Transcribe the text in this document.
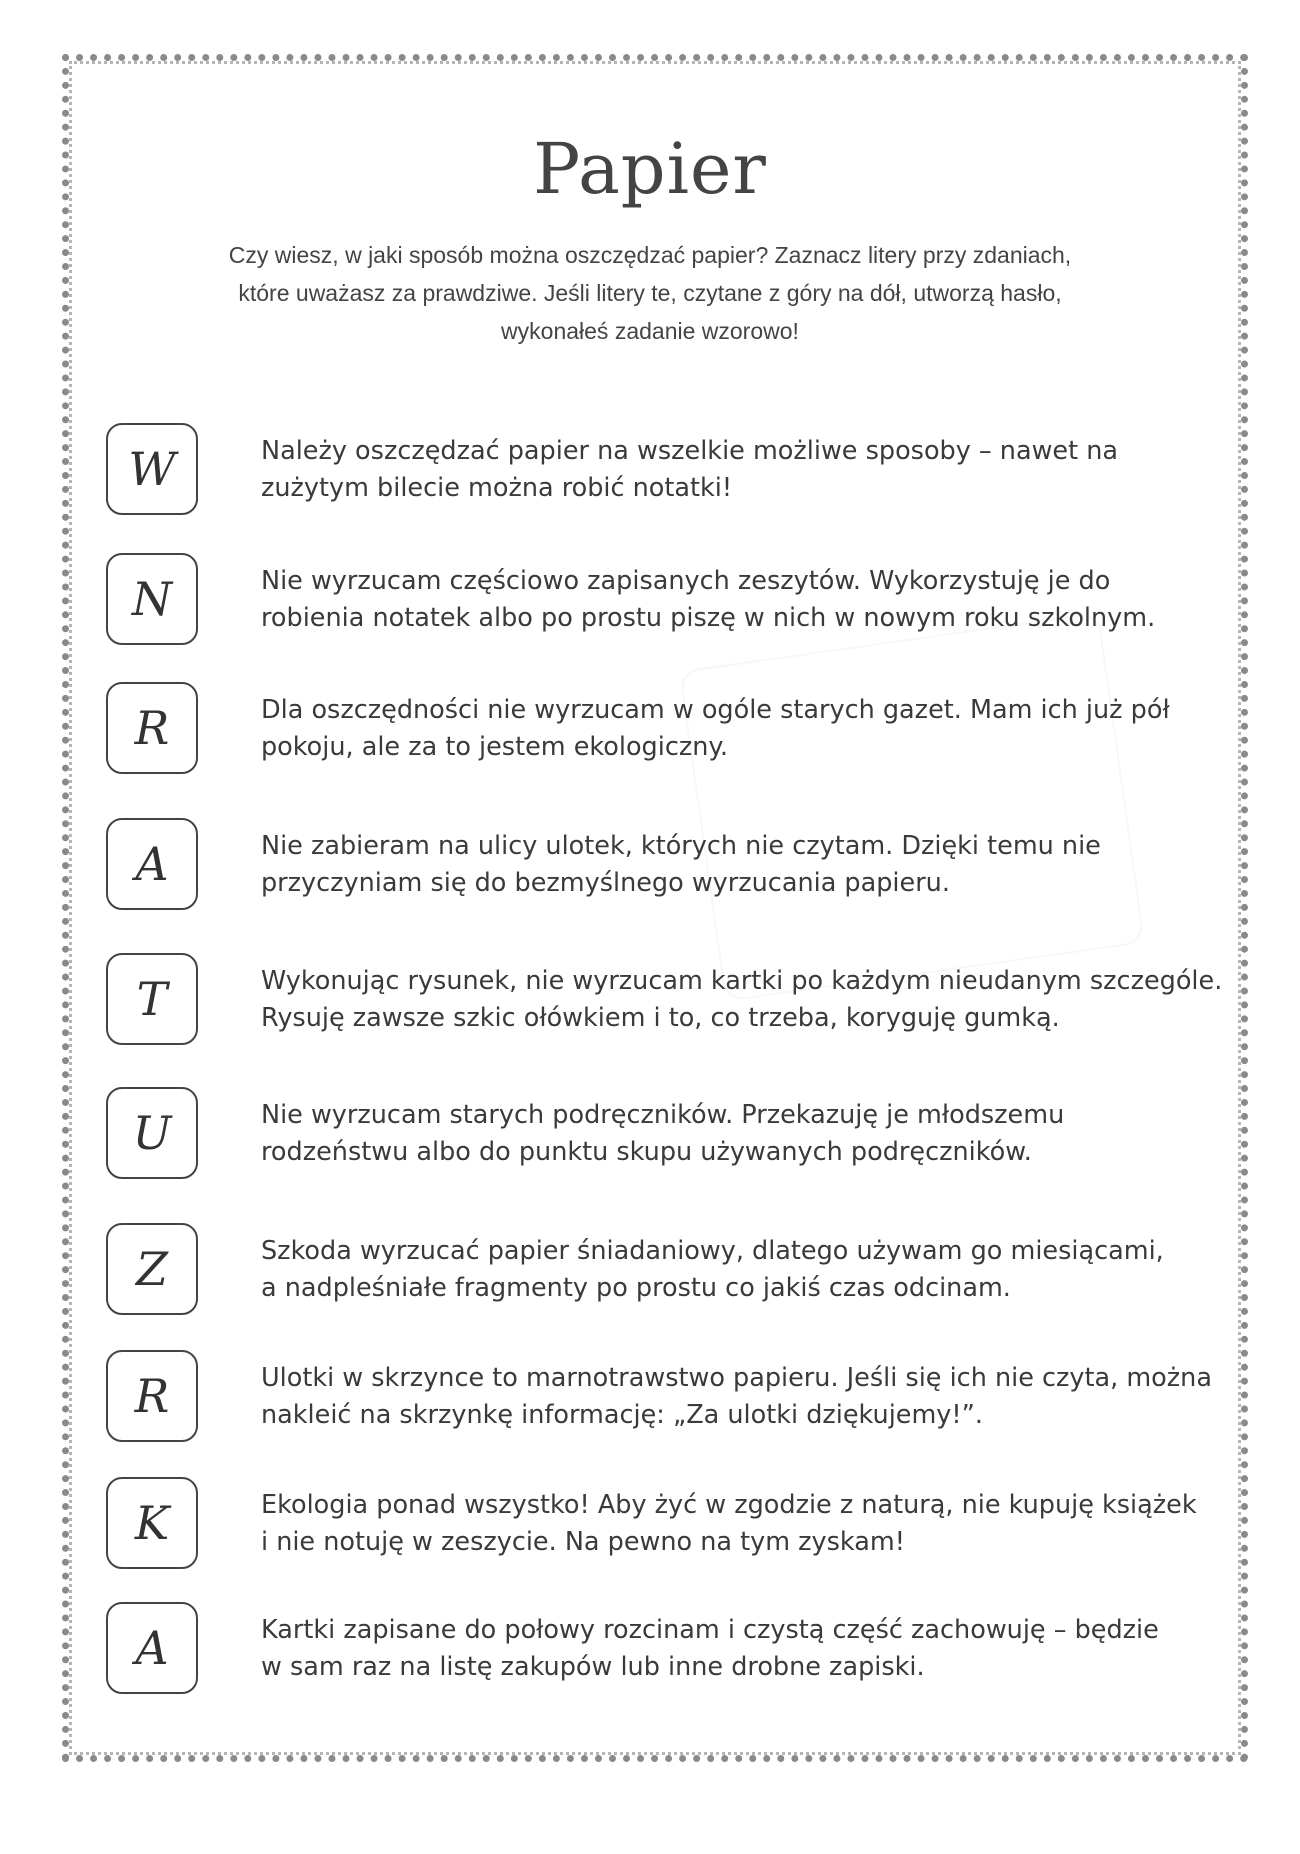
Papier
Czy wiesz, w jaki sposób można oszczędzać papier? Zaznacz litery przy zdaniach,
które uważasz za prawdziwe. Jeśli litery te, czytane z góry na dół, utworzą hasło,
wykonałeś zadanie wzorowo!
W	Należy oszczędzać papier na wszelkie możliwe sposoby – nawet na
zużytym bilecie można robić notatki!
N	Nie wyrzucam częściowo zapisanych zeszytów. Wykorzystuję je do
robienia notatek albo po prostu piszę w nich w nowym roku szkolnym.
R	Dla oszczędności nie wyrzucam w ogóle starych gazet. Mam ich już pół
pokoju, ale za to jestem ekologiczny.
A	Nie zabieram na ulicy ulotek, których nie czytam. Dzięki temu nie
przyczyniam się do bezmyślnego wyrzucania papieru.
T	Wykonując rysunek, nie wyrzucam kartki po każdym nieudanym szczególe.
Rysuję zawsze szkic ołówkiem i to, co trzeba, koryguję gumką.
U	Nie wyrzucam starych podręczników. Przekazuję je młodszemu
rodzeństwu albo do punktu skupu używanych podręczników.
Z	Szkoda wyrzucać papier śniadaniowy, dlatego używam go miesiącami,
a nadpleśniałe fragmenty po prostu co jakiś czas odcinam.
R	Ulotki w skrzynce to marnotrawstwo papieru. Jeśli się ich nie czyta, można
nakleić na skrzynkę informację: „Za ulotki dziękujemy!”.
K	Ekologia ponad wszystko! Aby żyć w zgodzie z naturą, nie kupuję książek
i nie notuję w zeszycie. Na pewno na tym zyskam!
A	Kartki zapisane do połowy rozcinam i czystą część zachowuję – będzie
w sam raz na listę zakupów lub inne drobne zapiski.
